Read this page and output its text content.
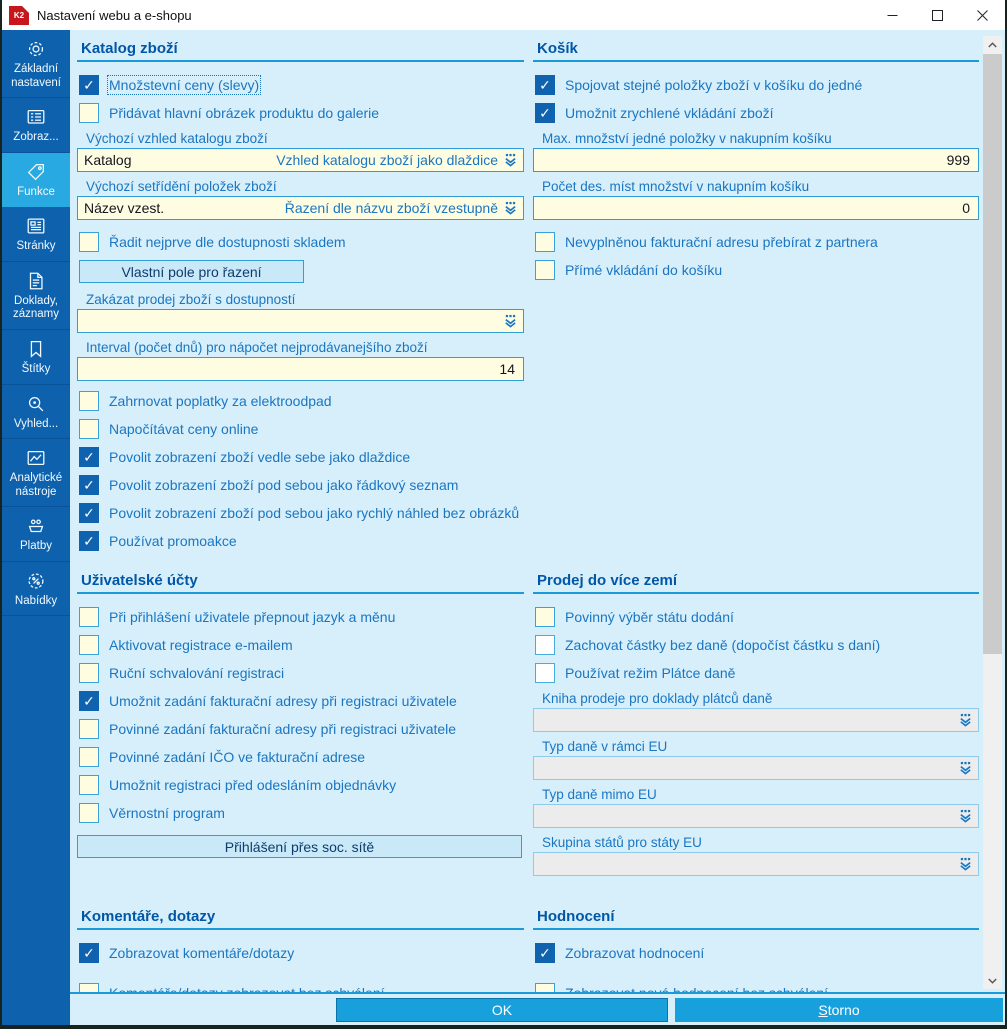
K2 Nastavení webu a e-shopu
Základní nastavení
Zobraz...
Funkce
Stránky
Doklady, záznamy
Štítky
Vyhled...
Analytické nástroje
Platby
Nabídky
Katalog zboží
✓
Množstevní ceny (slevy)
Přidávat hlavní obrázek produktu do galerie
Výchozí vzhled katalogu zboží
Katalog	Vzhled katalogu zboží jako dlaždice
Výchozí setřídění položek zboží
Název vzest.	Řazení dle názvu zboží vzestupně
Řadit nejprve dle dostupnosti skladem
Vlastní pole pro řazení
Zakázat prodej zboží s dostupností
Interval (počet dnů) pro nápočet nejprodávanejšího zboží
14
Zahrnovat poplatky za elektroodpad
Napočítávat ceny online
✓
Povolit zobrazení zboží vedle sebe jako dlaždice
✓
Povolit zobrazení zboží pod sebou jako řádkový seznam
✓
Povolit zobrazení zboží pod sebou jako rychlý náhled bez obrázků
✓
Používat promoakce
Košík
✓
Spojovat stejné položky zboží v košíku do jedné
✓
Umožnit zrychlené vkládání zboží
Max. množství jedné položky v nakupním košíku
999
Počet des. míst množství v nakupním košíku
0
Nevyplněnou fakturační adresu přebírat z partnera
Přímé vkládání do košíku
Uživatelské účty
Při přihlášení uživatele přepnout jazyk a měnu
Aktivovat registrace e-mailem
Ruční schvalování registraci
✓
Umožnit zadání fakturační adresy při registraci uživatele
Povinné zadání fakturační adresy při registraci uživatele
Povinné zadání IČO ve fakturační adrese
Umožnit registraci před odesláním objednávky
Věrnostní program
Přihlášení přes soc. sítě
Prodej do více zemí
Povinný výběr státu dodání
Zachovat částky bez daně (dopočíst částku s daní)
Používat režim Plátce daně
Kniha prodeje pro doklady plátců daně
Typ daně v rámci EU
Typ daně mimo EU
Skupina států pro státy EU
Komentáře, dotazy
✓
Zobrazovat komentáře/dotazy
Hodnocení
✓
Zobrazovat hodnocení
OK	Storno
